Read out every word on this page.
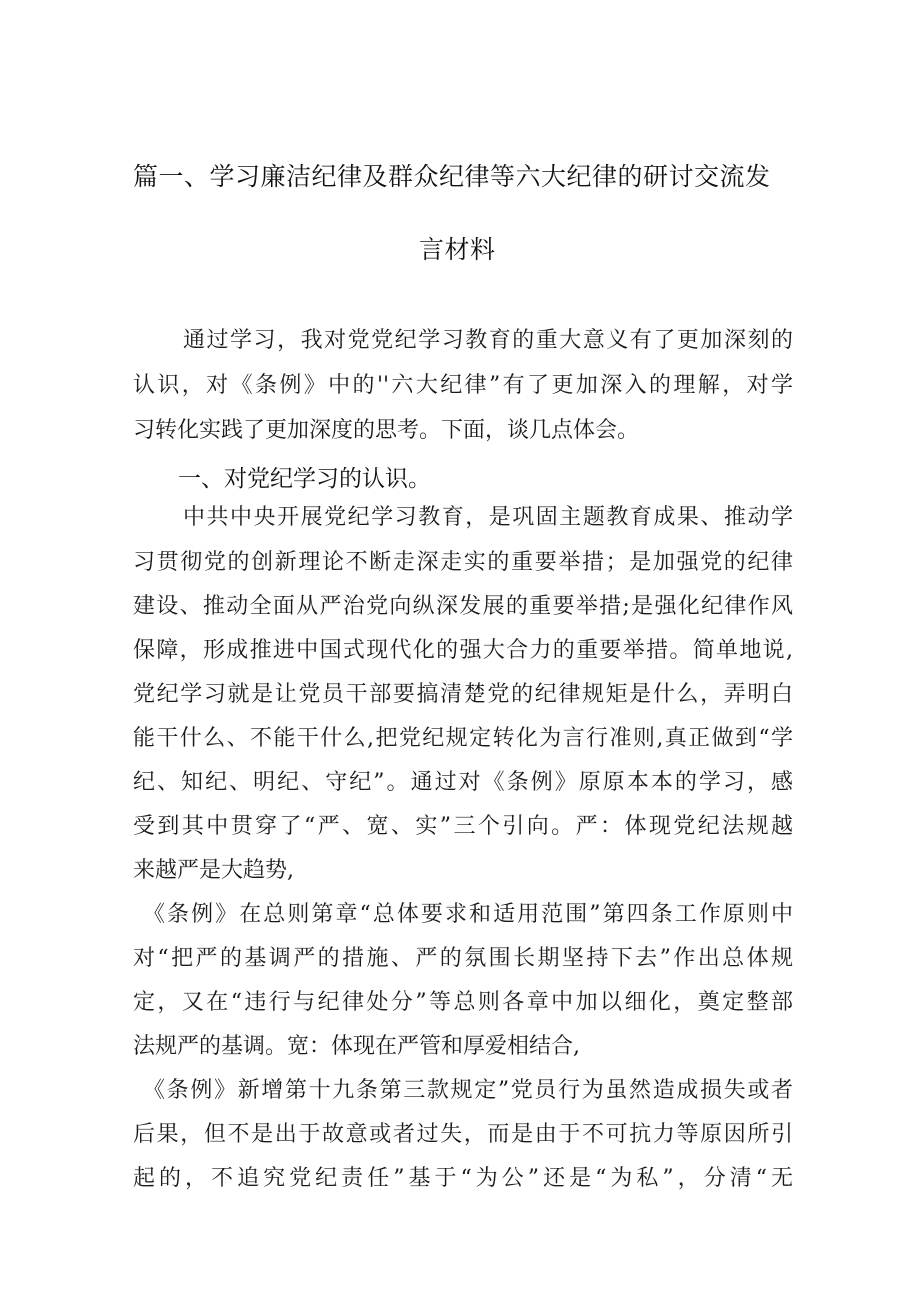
篇一、学习廉洁纪律及群众纪律等六大纪律的研讨交流发
言材料
通过学习，我对党党纪学习教育的重大意义有了更加深刻的
认识，对《条例》中的''六大纪律”有了更加深入的理解，对学
习转化实践了更加深度的思考。下面，谈几点体会。
一、对党纪学习的认识。
中共中央开展党纪学习教育，是巩固主题教育成果、推动学
习贯彻党的创新理论不断走深走实的重要举措；是加强党的纪律
建设、推动全面从严治党向纵深发展的重要举措;是强化纪律作风
保障，形成推进中国式现代化的强大合力的重要举措。简单地说,
党纪学习就是让党员干部要搞清楚党的纪律规矩是什么，弄明白
能干什么、不能干什么,把党纪规定转化为言行准则,真正做到“学
纪、知纪、明纪、守纪”。通过对《条例》原原本本的学习，感
受到其中贯穿了“严、宽、实”三个引向。严：体现党纪法规越
来越严是大趋势,
《条例》在总则第章“总体要求和适用范围”第四条工作原则中
对“把严的基调严的措施、严的氛围长期坚持下去”作出总体规
定，又在“违行与纪律处分”等总则各章中加以细化，奠定整部
法规严的基调。宽：体现在严管和厚爱相结合,
《条例》新增第十九条第三款规定”党员行为虽然造成损失或者
后果，但不是出于故意或者过失，而是由于不可抗力等原因所引
起的，不追究党纪责任”基于“为公”还是“为私”，分清“无
